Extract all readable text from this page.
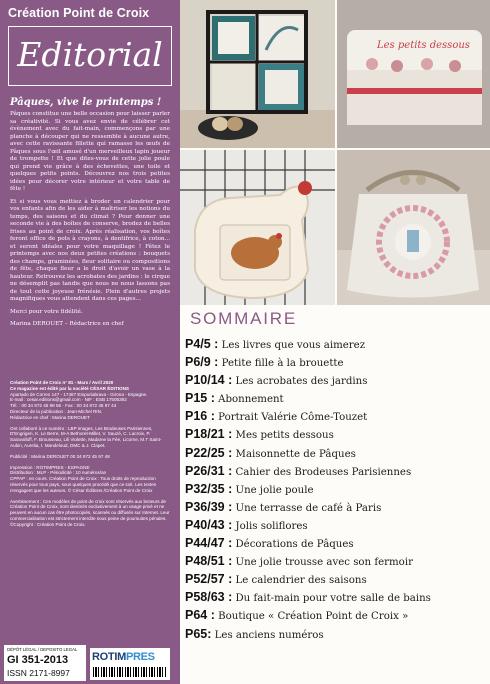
Création Point de Croix
Editorial
Pâques, vive le printemps !

Pâques constitue une belle occasion pour laisser parler sa créativité. Si vous avez envie de célébrer cet évènement avec du fait-main, commençons par une planche à découper qui ne ressemble à aucune autre, avec cette ravissante fillette qui ramasse les œufs de Pâques sous l'œil amusé d'un merveilleux lapin joueur de trompette ! Et que dites-vous de cette jolie poule qui prend vie grâce à des échevettes, une toile et quelques petits points. Découvrez nos trois petites idées pour décorer votre intérieur et votre table de fête !

Et si vous vous mettiez à broder un calendrier pour vos enfants afin de les aider à maîtriser les notions du temps, des saisons et du climat ? Pour donner une seconde vie à des boîtes de conserve, brodez de belles frises au point de croix. Après réalisation, vos boîtes feront office de pots à crayons, à dentifrice, à coton... et seront idéales pour votre maquillage ! Fêtez le printemps avec nos deux petites créations : bouquets des champs, graminées, fleur solitaire ou compositions de fête, chaque fleur a le droit d'avoir un vase à la hauteur. Retrouvez les acrobates des jardins : le cirque ne désemplit pas tandis que nous ne nous lassons pas de tout cette joyeuse frénésie. Plein d'autres projets magnifiques vous attendent dans ces pages...

Merci pour votre fidélité.

Marina DEROUET – Rédactrice en chef

Création Point de Croix n° 81 - Mars / Avril 2020
Ce magazine est édité par la société CÉSAR ÉDITIONS
Apartado de Correo 147 - 17487 Empuriabrava - Girona - Espagne.
E-mail : cesar.editions@gmail.com · NIF : ESB 17505392
Tél. : 00 34 972 45 98 56 · Fax : 00 34 972 45 97 44
Directeur de la publication : Jean-Michel RIN.
Rédactrice en chef : Marina DEROUET

Ont collaboré à ce numéro : LBP images, Les Brodeuses Parisiennes, D'Engrigen, K. Le Berre, M-A Bethoret-Millet, V. Sauzé, C. Lacroix, P. Saravalloff, F. Brousseau, Lili Violette, Madame la Fée, Licorne, M.T Saint-Aubin, Aurelia, I. Mandeloud, DMC & J. Clapet.

Publicité : Marina DEROUET 00 34 972 45 97 48

Impression : ROTIMPRES - ESPAGNE
Distribution : MLP - Périodicité : 10 numéros/an
CPPAP : en cours. Création Point de Croix : Tous droits de reproduction réservés pour tous pays, sous quelques procédé que ce soit. Les textes n'engagent que les auteurs. © César Éditions /Création Point de Croix

Avertissement : Ces modèles de point de croix sont réservés aux lecteurs de Création Point de Croix, sont destinés exclusivement à un usage privé et ne peuvent en aucun cas être photocopiés, scannés ou diffusés sur Internet. Leur commercialisation est strictement interdite sous peine de poursuites pénales. ©Copyright : Création Point de Croix.

DÉPÔT LÉGAL / DEPOSITO LEGAL
GI 351-2013
ISSN 2171-8997
ROTIMPRES
Les petits dessous
SOMMAIRE
P4/5 : Les livres que vous aimerez
P6/9 : Petite fille à la brouette
P10/14 : Les acrobates des jardins
P15 : Abonnement
P16 : Portrait Valérie Côme-Touzet
P18/21 : Mes petits dessous
P22/25 : Maisonnette de Pâques
P26/31 : Cahier des Brodeuses Parisiennes
P32/35 : Une jolie poule
P36/39 : Une terrasse de café à Paris
P40/43 : Jolis soliflores
P44/47 : Décorations de Pâques
P48/51 : Une jolie trousse avec son fermoir
P52/57 : Le calendrier des saisons
P58/63 : Du fait-main pour votre salle de bains
P64 : Boutique « Création Point de Croix »
P65: Les anciens numéros
